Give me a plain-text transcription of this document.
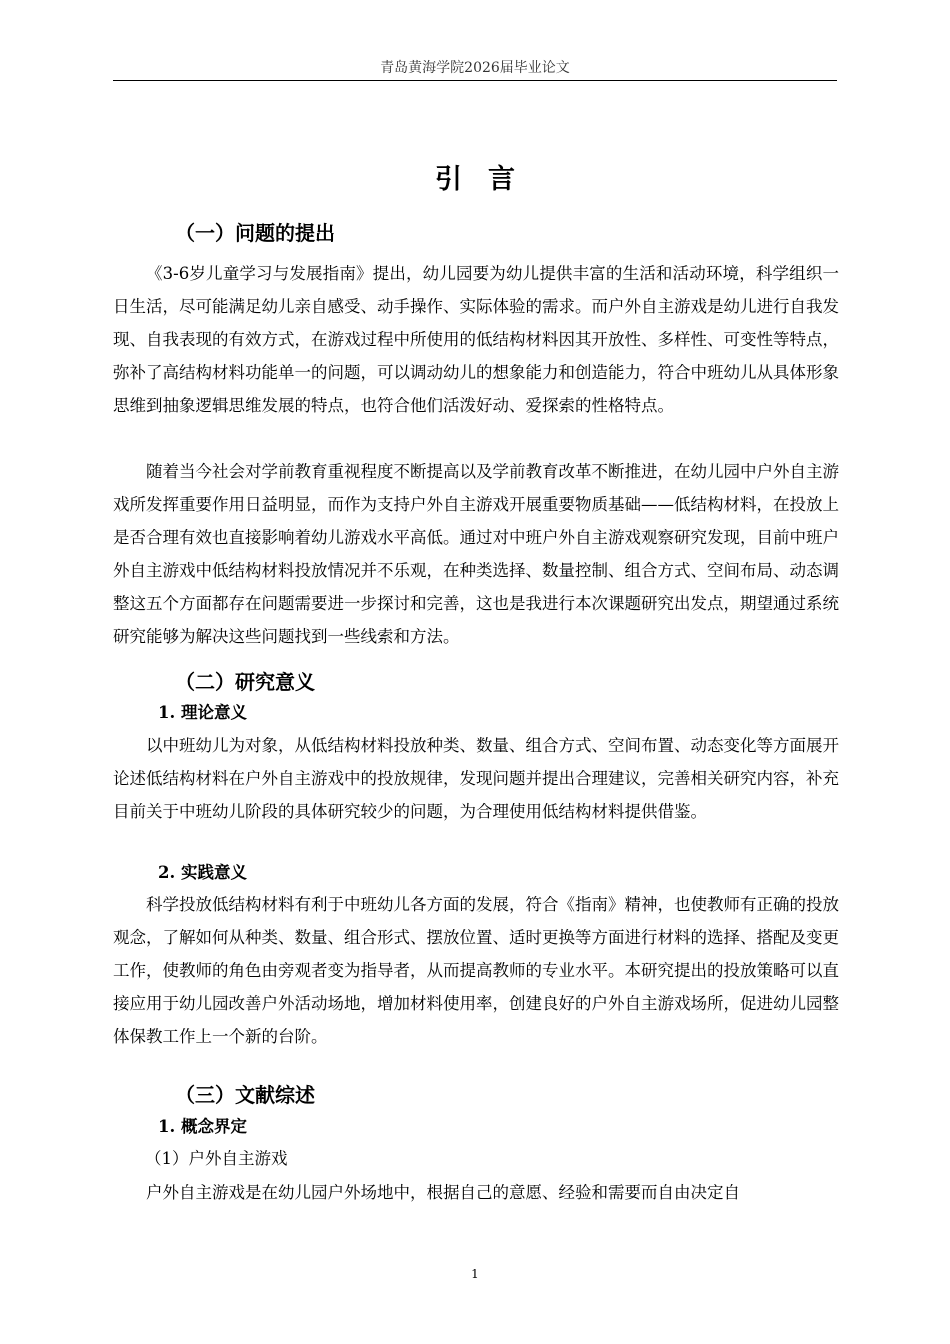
青岛黄海学院2026届毕业论文
引 言
（一）问题的提出

《3-6岁儿童学习与发展指南》提出，幼儿园要为幼儿提供丰富的生活和活动环境，科学组织一日生活，尽可能满足幼儿亲自感受、动手操作、实际体验的需求。而户外自主游戏是幼儿进行自我发现、自我表现的有效方式，在游戏过程中所使用的低结构材料因其开放性、多样性、可变性等特点，弥补了高结构材料功能单一的问题，可以调动幼儿的想象能力和创造能力，符合中班幼儿从具体形象思维到抽象逻辑思维发展的特点，也符合他们活泼好动、爱探索的性格特点。

随着当今社会对学前教育重视程度不断提高以及学前教育改革不断推进，在幼儿园中户外自主游戏所发挥重要作用日益明显，而作为支持户外自主游戏开展重要物质基础——低结构材料，在投放上是否合理有效也直接影响着幼儿游戏水平高低。通过对中班户外自主游戏观察研究发现，目前中班户外自主游戏中低结构材料投放情况并不乐观，在种类选择、数量控制、组合方式、空间布局、动态调整这五个方面都存在问题需要进一步探讨和完善，这也是我进行本次课题研究出发点，期望通过系统研究能够为解决这些问题找到一些线索和方法。

（二）研究意义
1. 理论意义

以中班幼儿为对象，从低结构材料投放种类、数量、组合方式、空间布置、动态变化等方面展开论述低结构材料在户外自主游戏中的投放规律，发现问题并提出合理建议，完善相关研究内容，补充目前关于中班幼儿阶段的具体研究较少的问题，为合理使用低结构材料提供借鉴。

2. 实践意义

科学投放低结构材料有利于中班幼儿各方面的发展，符合《指南》精神，也使教师有正确的投放观念，了解如何从种类、数量、组合形式、摆放位置、适时更换等方面进行材料的选择、搭配及变更工作，使教师的角色由旁观者变为指导者，从而提高教师的专业水平。本研究提出的投放策略可以直接应用于幼儿园改善户外活动场地，增加材料使用率，创建良好的户外自主游戏场所，促进幼儿园整体保教工作上一个新的台阶。

（三）文献综述
1. 概念界定
（1）户外自主游戏

户外自主游戏是在幼儿园户外场地中，根据自己的意愿、经验和需要而自由决定自

1
